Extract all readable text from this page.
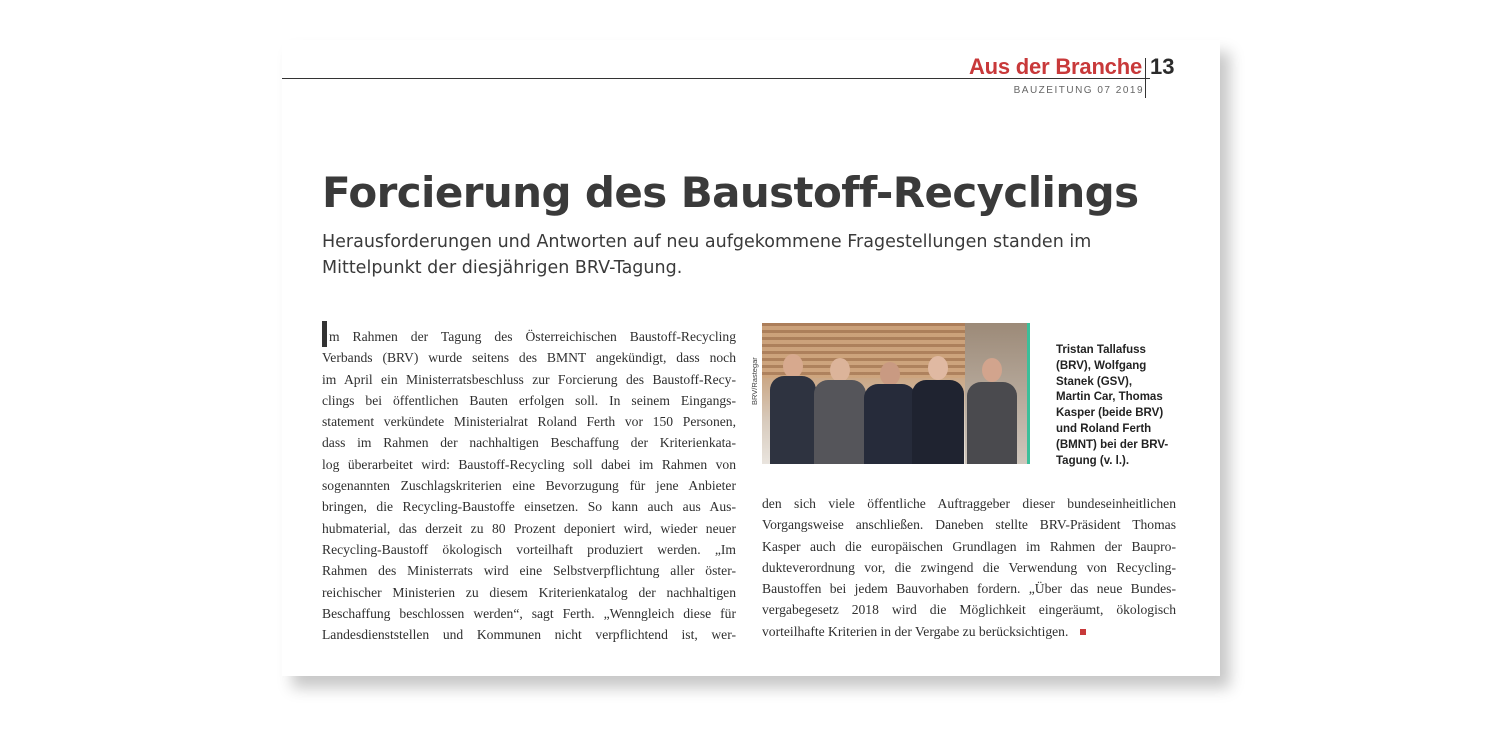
Aus der Branche 13
BAUZEITUNG 07 2019
Forcierung des Baustoff-Recyclings
Herausforderungen und Antworten auf neu aufgekommene Fragestellungen standen im
Mittelpunkt der diesjährigen BRV-Tagung.
m Rahmen der Tagung des Österreichischen Baustoff-Recycling
Verbands (BRV) wurde seitens des BMNT angekündigt, dass noch
im April ein Ministerratsbeschluss zur Forcierung des Baustoff-Recy-
clings bei öffentlichen Bauten erfolgen soll. In seinem Eingangs-
statement verkündete Ministerialrat Roland Ferth vor 150 Personen,
dass im Rahmen der nachhaltigen Beschaffung der Kriterienkata-
log überarbeitet wird: Baustoff-Recycling soll dabei im Rahmen von
sogenannten Zuschlagskriterien eine Bevorzugung für jene Anbieter
bringen, die Recycling-Baustoffe einsetzen. So kann auch aus Aus-
hubmaterial, das derzeit zu 80 Prozent deponiert wird, wieder neuer
Recycling-Baustoff ökologisch vorteilhaft produziert werden. „Im
Rahmen des Ministerrats wird eine Selbstverpflichtung aller öster-
reichischer Ministerien zu diesem Kriterienkatalog der nachhaltigen
Beschaffung beschlossen werden“, sagt Ferth. „Wenngleich diese für
Landesdienststellen und Kommunen nicht verpflichtend ist, wer-
BRV/Rastegar
Tristan Tallafuss
(BRV), Wolfgang
Stanek (GSV),
Martin Car, Thomas
Kasper (beide BRV)
und Roland Ferth
(BMNT) bei der BRV-
Tagung (v. l.).
den sich viele öffentliche Auftraggeber dieser bundeseinheitlichen
Vorgangsweise anschließen. Daneben stellte BRV-Präsident Thomas
Kasper auch die europäischen Grundlagen im Rahmen der Baupro-
dukteverordnung vor, die zwingend die Verwendung von Recycling-
Baustoffen bei jedem Bauvorhaben fordern. „Über das neue Bundes-
vergabegesetz 2018 wird die Möglichkeit eingeräumt, ökologisch
vorteilhafte Kriterien in der Vergabe zu berücksichtigen.
